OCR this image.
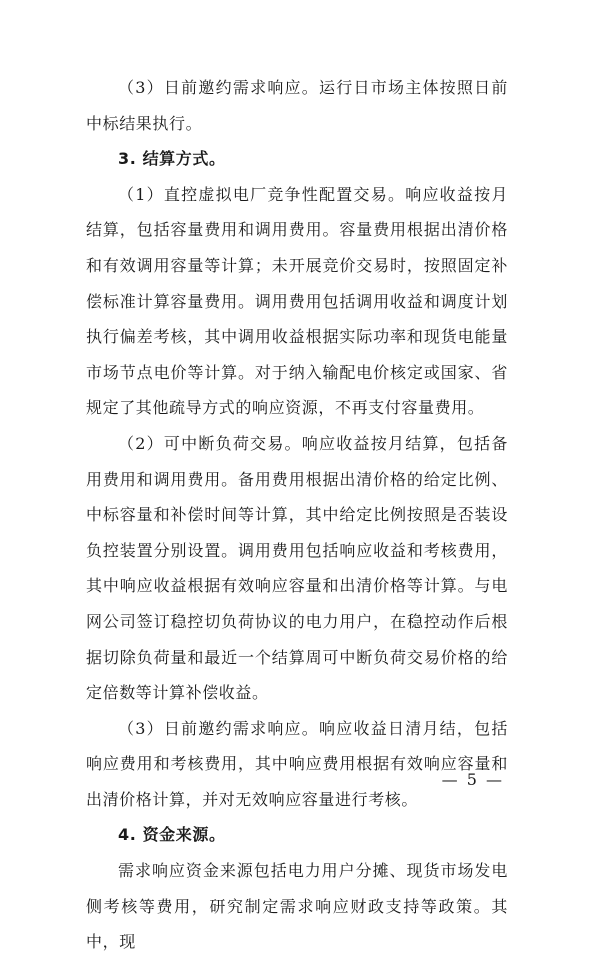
（3）日前邀约需求响应。运行日市场主体按照日前中标结果执行。

3. 结算方式。

（1）直控虚拟电厂竞争性配置交易。响应收益按月结算，包括容量费用和调用费用。容量费用根据出清价格和有效调用容量等计算；未开展竞价交易时，按照固定补偿标准计算容量费用。调用费用包括调用收益和调度计划执行偏差考核，其中调用收益根据实际功率和现货电能量市场节点电价等计算。对于纳入输配电价核定或国家、省规定了其他疏导方式的响应资源，不再支付容量费用。

（2）可中断负荷交易。响应收益按月结算，包括备用费用和调用费用。备用费用根据出清价格的给定比例、中标容量和补偿时间等计算，其中给定比例按照是否装设负控装置分别设置。调用费用包括响应收益和考核费用，其中响应收益根据有效响应容量和出清价格等计算。与电网公司签订稳控切负荷协议的电力用户，在稳控动作后根据切除负荷量和最近一个结算周可中断负荷交易价格的给定倍数等计算补偿收益。

（3）日前邀约需求响应。响应收益日清月结，包括响应费用和考核费用，其中响应费用根据有效响应容量和出清价格计算，并对无效响应容量进行考核。

4. 资金来源。

需求响应资金来源包括电力用户分摊、现货市场发电侧考核等费用，研究制定需求响应财政支持等政策。其中，现

— 5 —
